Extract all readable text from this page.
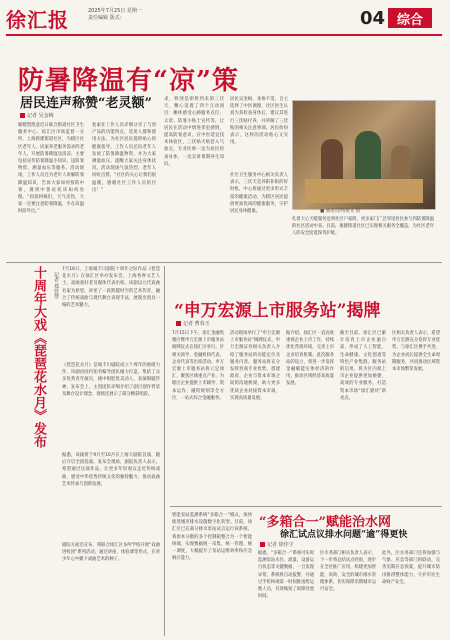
徐汇报	2025年7月25日 星期一
责任编辑 版式：	04 综合
防暑降温有“凉”策
居民连声称赞“老灵额”
记者 吴金梅
嫁赌凯凯意近日联合街道社区卫生服务中心、综汇区市场监督一分所、上海新建街道社区，为辖区社区老年人、居家养老服务需求的老年人，开展防暑降温送清凉，主要包括宣传防暑降温小知识、送防暑物资、测量血压等服务。活动现场，工作人员还为老年人讲解防暑降温知识，告诉大家如何预防中暑，遇到中暑症状该如何处理。“叔叔阿姨们，天气炎热，大家一定要注意防暑降温，少在高温时段外出。”
复家社工作人员详细分享了与原产品的功能特点，适用人群和使用方法，为社区居民提供贴心的健康指导。工作人员还向老年人发放了防暑降温物资，并为大家测量血压，提醒大家关注身体状况。活动现场气氛热烈，老年人纷纷点赞。“社区的关心让我们很温暖，感谢社区工作人员的付出！”
求，特别是即将到来的三伏天，精心设置了四个互动项目：摊休感受心肺服务点位、义诊、防暑小贴士宣传等，让居民在活动中增进邻里感情，提高防暑意识。在中医适宜技术体验区，三伏贴火贴套入气象点，专业医师一边为居民检查身体，一边宣讲暑期养生知识。
居民吴金梅，身体不适，自主选择了中医调理，社区医生认真为其检查身体后，建议其进行三伏贴疗养，并讲解了三伏贴的相关注意事项。居民纷纷表示，这样的活动贴心又实用。
社区卫生服务中心相关负责人表示，三伏天是养阳补阳的好时机，中心将通过更多形式丰富的健康活动，为辖区居民提供更加优质的健康服务，守护居民身体健康。	■ 通讯员/钱锐文 摄
扎着天心天暖服务送到社区户家附，更多家门广泛邻里居民参与到防暑降温的社区活动中来。目前，康健街道社区已实现相关服务全覆盖，为社区老年人的安全度夏保驾护航。
十周年大戏《琵琶花水月》发布 记者 郑佳慧
7月16日，上海锡丰川剧院十周年之际作品《琵琶花水月》在徐汇区举办发布会，上海各界文艺人士、戏曲爱好者及媒体代表出席。该剧以元代戏曲名家为原型，讲述了一段跨越时空的艺术传奇，融合了传统戏曲与现代舞台表现手法，展现出别具一格的艺术魅力。
《琵琶花水月》是锡丰川剧院成立十周年的重磅力作，该剧由国内知名编导团队倾力打造，集结了众多优秀青年演员，剧中唱腔优美动人，表演细腻传神。发布会上，主创团队详细介绍了剧目创作背景及舞台设计理念，现场还展示了部分精彩唱段。
据悉，该剧将于9月至10月在上海大剧院首演，随后开启全国巡演。发布会现场，剧院负责人表示，希望通过这部作品，让更多年轻观众走近传统戏曲，感受中华优秀传统文化的独特魅力，推动戏曲艺术传承与创新发展。
剧院方面还宣布，将联合徐汇区多所学校开展“戏曲进校园”系列活动，通过讲座、体验课等形式，在青少年心中播下戏曲艺术的种子。
“申万宏源上市服务站”揭牌
记者 曹春玉
7月15日下午，徐汇金融集聚区暨申万宏源上市服务站揭牌仪式在徐汇区举行。区相关领导、金融机构代表、企业代表等出席活动。申万宏源上市服务站将立足徐汇，聚焦区域重点产业，为辖区企业提供上市辅导、资本运作、融资规划等全方位、一站式综合金融服务。
活动现场举行了“申万宏源上市服务站”揭牌仪式，申万宏源证券相关负责人介绍了服务站的功能定位及服务内容。服务站将充分发挥券商专业优势，搭建政府、企业与资本市场之间的沟通桥梁，助力更多优质企业对接资本市场，实现高质量发展。
据介绍，徐汇区一直高度重视企业上市工作，持续优化营商环境，完善上市企业培育机制。此次服务站的设立，将进一步发挥金融赋能实体经济的作用，推动区域经济高质量发展。
截至目前，徐汇区已累计培育上市企业逾百家，形成了人工智能、生命健康、文化创意等特色产业集群。服务站的启用，将为区内拟上市企业提供更加便捷、高效的专业服务，打造资本市场“徐汇板块”新亮点。
区相关负责人表示，希望申万宏源充分发挥专业优势，与徐汇区携手共进，为企业成长提供全生命周期服务，共同推动区域资本市场繁荣发展。
“多箱合一”赋能治水网
徐汇试点议排水问题“逾”得更快
记者 徐佳宇
智能泵站监测系统“多箱合一”模式，加快推进城市排水设施数字化转型。目前，徐汇区已在部分排水泵站试点运行该系统，将原本分散的多个控制箱整合为一个智能终端，实现数据统一采集、统一管理、统一调度，大幅提升了泵站运维效率和应急响应能力。
据悉，“多箱合一”系统可实时监测泵站水位、流量、设备运行状态等关键数据，一旦发现异常，系统将自动报警，并通过手机终端第一时间推送给运维人员，有效缩短了故障处置时间。
区水务部门相关负责人表示，下一步将总结试点经验，逐步在全区推广应用，构建更加智能、高效、安全的城市排水管理体系，切实保障汛期城市运行安全。
此外，区水务部门还将加强与气象、应急等部门的联动，完善汛期应急预案，提升城市防汛排涝整体能力，守护市民生命财产安全。
